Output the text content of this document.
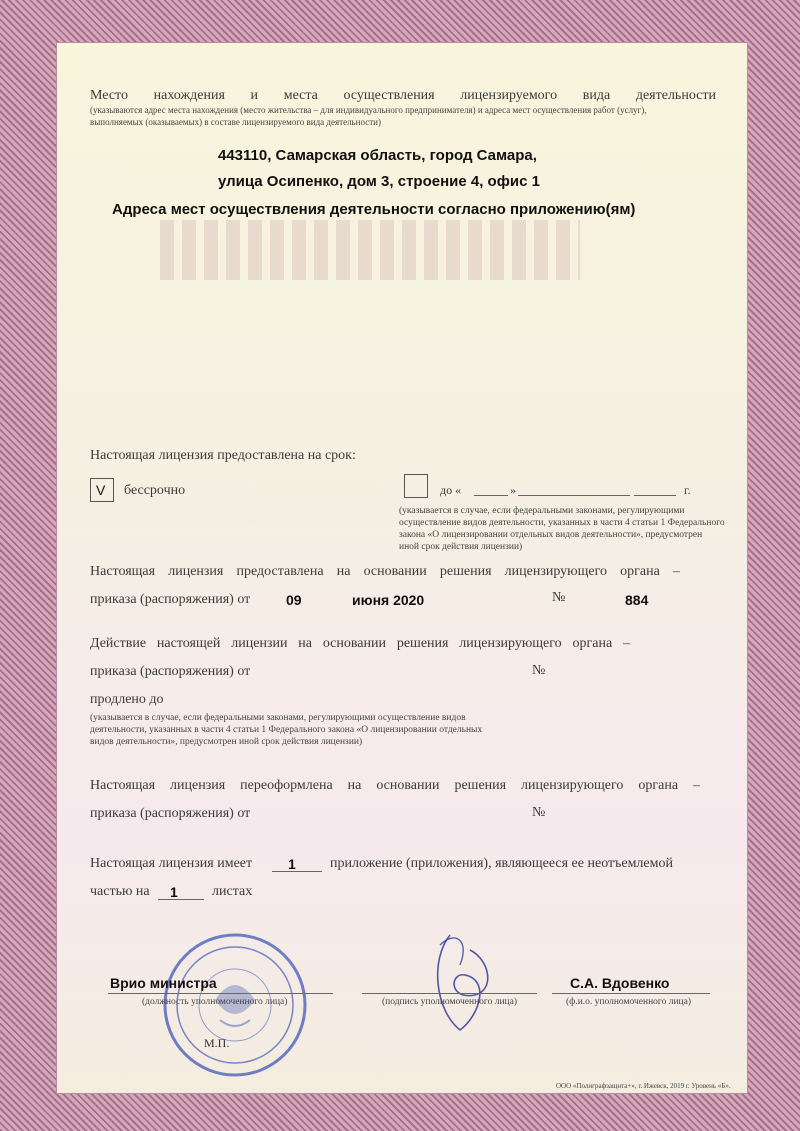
Место нахождения и места осуществления лицензируемого вида деятельности
(указываются адрес места нахождения (место жительства – для индивидуального предпринимателя) и адреса мест осуществления работ (услуг),
выполняемых (оказываемых) в составе лицензируемого вида деятельности)
443110, Самарская область, город Самара,
улица Осипенко, дом 3, строение 4, офис 1
Адреса мест осуществления деятельности согласно приложению(ям)
Настоящая лицензия предоставлена на срок:
V бессрочно	до «	»	г.
(указывается в случае, если федеральными законами, регулирующими
осуществление видов деятельности, указанных в части 4 статьи 1 Федерального
закона «О лицензировании отдельных видов деятельности», предусмотрен
иной срок действия лицензии)
Настоящая лицензия предоставлена на основании решения лицензирующего органа –
приказа (распоряжения) от	09	июня 2020	№	884
Действие настоящей лицензии на основании решения лицензирующего органа –
приказа (распоряжения) от	№
продлено до
(указывается в случае, если федеральными законами, регулирующими осуществление видов
деятельности, указанных в части 4 статьи 1 Федерального закона «О лицензировании отдельных
видов деятельности», предусмотрен иной срок действия лицензии)
Настоящая лицензия переоформлена на основании решения лицензирующего органа –
приказа (распоряжения) от	№
Настоящая лицензия имеет	1 приложение (приложения), являющееся ее неотъемлемой
частью на 1 листах
М.П.
Врио министра
(должность уполномоченного лица)	(подпись уполномоченного лица)
С.А. Вдовенко
(ф.и.о. уполномоченного лица)
ООО «Полиграфзащита+», г. Ижевск, 2019 г. Уровень «Б».
